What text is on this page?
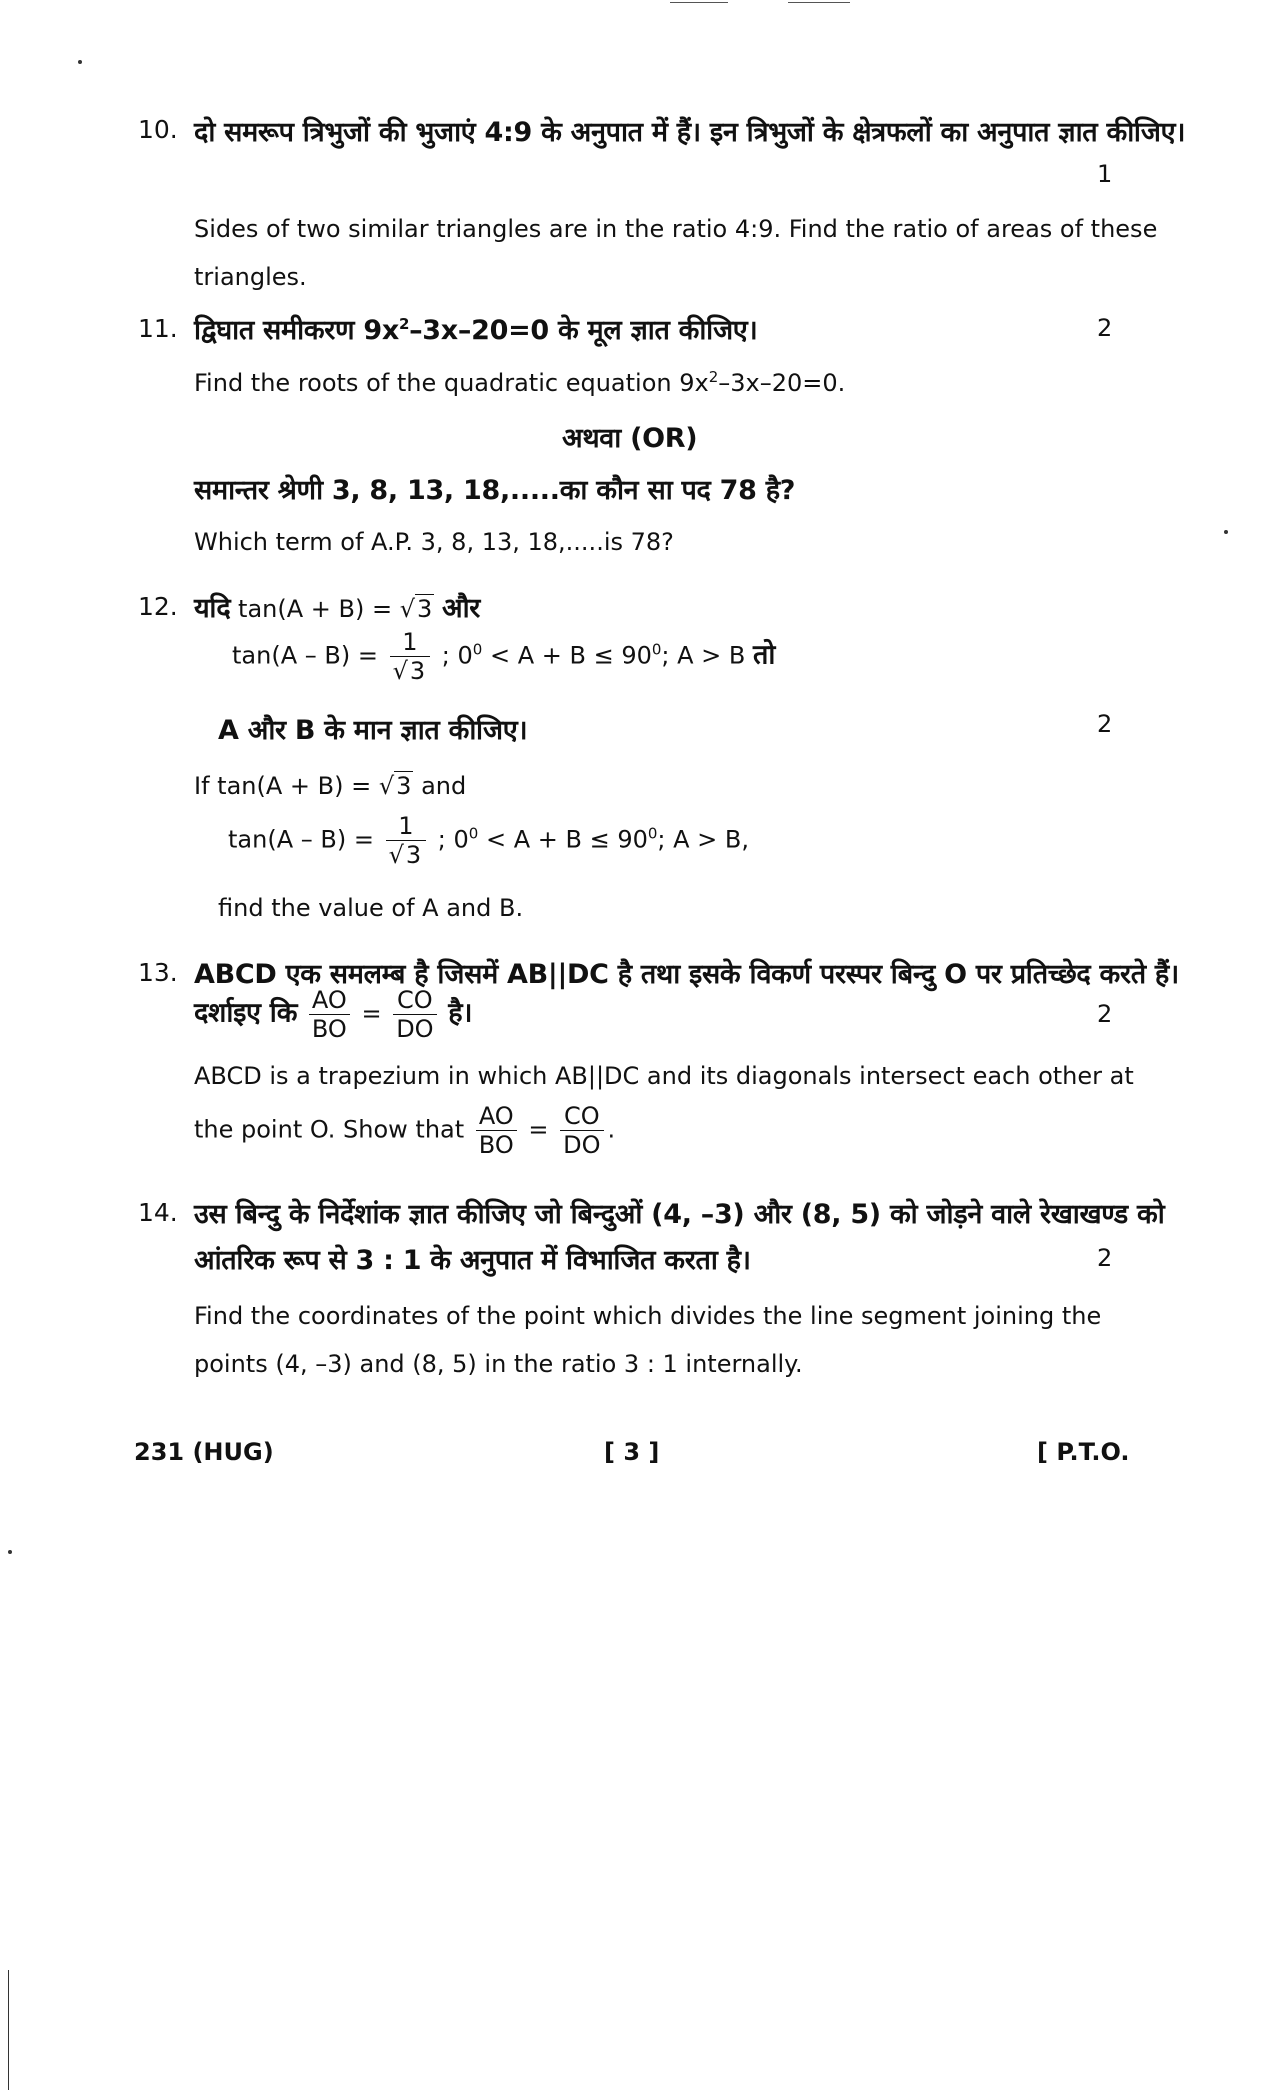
10. दो समरूप त्रिभुजों की भुजाएं 4:9 के अनुपात में हैं। इन त्रिभुजों के क्षेत्रफलों का अनुपात ज्ञात कीजिए।
1
Sides of two similar triangles are in the ratio 4:9. Find the ratio of areas of these
triangles.
11. द्विघात समीकरण $9x^2-3x-20=0$ के मूल ज्ञात कीजिए।	2
Find the roots of the quadratic equation $9x^2-3x-20=0$.
अथवा (OR)
समान्तर श्रेणी 3, 8, 13, 18,.....का कौन सा पद 78 है?
Which term of A.P. 3, 8, 13, 18,.....is 78?
12. यदि tan(A + B) = √3 और
$\tan(A - B) = \frac{1}{√3}$ ; $0^0 < A + B \le 90^0$; A > B तो
A और B के मान ज्ञात कीजिए।	2
If tan(A + B) = √3 and
$\tan(A - B) = \frac{1}{√3}$ ; $0^0 < A + B \le 90^0$; A > B,
find the value of A and B.
13. ABCD एक समलम्ब है जिसमें AB||DC है तथा इसके विकर्ण परस्पर बिन्दु O पर प्रतिच्छेद करते हैं।
दर्शाइए कि $\frac{AO}{BO} = \frac{CO}{DO}$ है।	2
ABCD is a trapezium in which AB||DC and its diagonals intersect each other at
the point O. Show that $\frac{AO}{BO} = \frac{CO}{DO}$ .
14. उस बिन्दु के निर्देशांक ज्ञात कीजिए जो बिन्दुओं (4, –3) और (8, 5) को जोड़ने वाले रेखाखण्ड को
आंतरिक रूप से 3 : 1 के अनुपात में विभाजित करता है।	2
Find the coordinates of the point which divides the line segment joining the
points (4, –3) and (8, 5) in the ratio 3 : 1 internally.
231 (HUG)	[ 3 ]	[ P.T.O.
